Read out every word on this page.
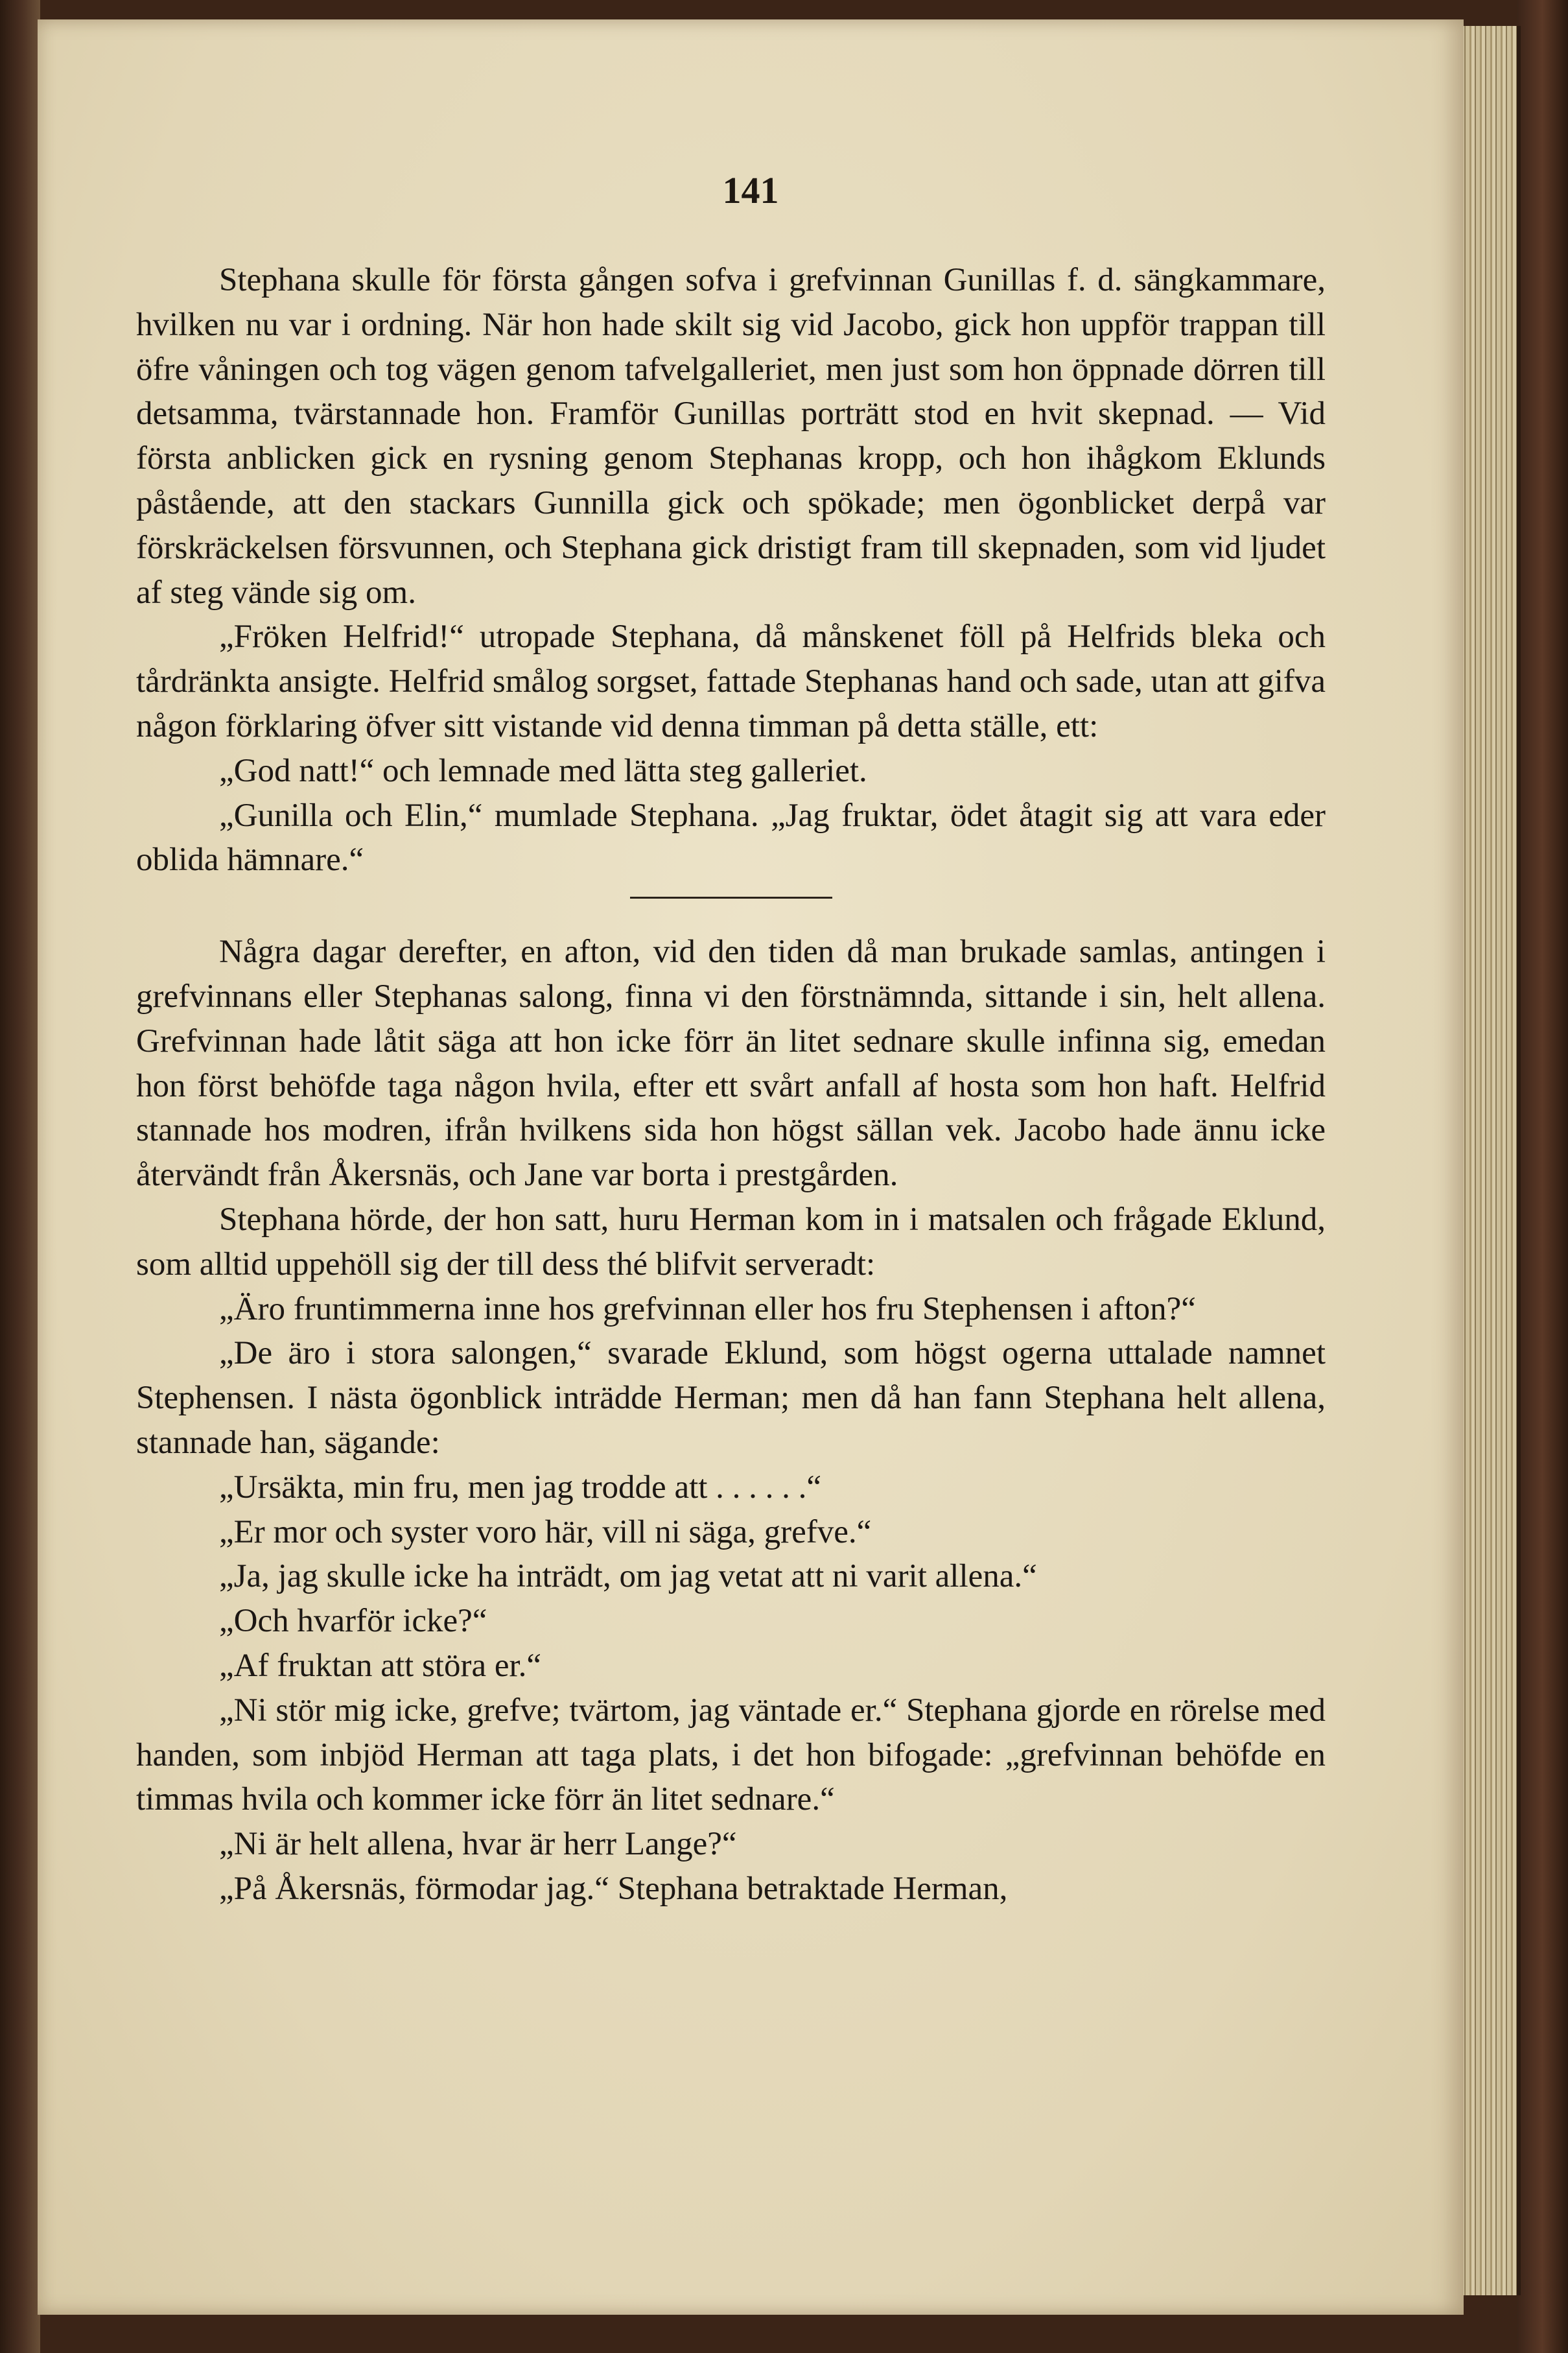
141

Stephana skulle för första gången sofva i grefvinnan Gunillas f. d. sängkammare, hvilken nu var i ordning. När hon hade skilt sig vid Jacobo, gick hon uppför trappan till öfre våningen och tog vägen genom tafvelgalleriet, men just som hon öppnade dörren till detsamma, tvärstannade hon. Framför Gunillas porträtt stod en hvit skepnad. — Vid första anblicken gick en rysning genom Stephanas kropp, och hon ihågkom Eklunds påstående, att den stackars Gunnilla gick och spökade; men ögonblicket derpå var förskräckelsen försvunnen, och Stephana gick dristigt fram till skepnaden, som vid ljudet af steg vände sig om.

„Fröken Helfrid!“ utropade Stephana, då månskenet föll på Helfrids bleka och tårdränkta ansigte. Helfrid smålog sorgset, fattade Stephanas hand och sade, utan att gifva någon förklaring öfver sitt vistande vid denna timman på detta ställe, ett:

„God natt!“ och lemnade med lätta steg galleriet.

„Gunilla och Elin,“ mumlade Stephana. „Jag fruktar, ödet åtagit sig att vara eder oblida hämnare.“

Några dagar derefter, en afton, vid den tiden då man brukade samlas, antingen i grefvinnans eller Stephanas salong, finna vi den förstnämnda, sittande i sin, helt allena. Grefvinnan hade låtit säga att hon icke förr än litet sednare skulle infinna sig, emedan hon först behöfde taga någon hvila, efter ett svårt anfall af hosta som hon haft. Helfrid stannade hos modren, ifrån hvilkens sida hon högst sällan vek. Jacobo hade ännu icke återvändt från Åkersnäs, och Jane var borta i prestgården.

Stephana hörde, der hon satt, huru Herman kom in i matsalen och frågade Eklund, som alltid uppehöll sig der till dess thé blifvit serveradt:

„Äro fruntimmerna inne hos grefvinnan eller hos fru Stephensen i afton?“

„De äro i stora salongen,“ svarade Eklund, som högst ogerna uttalade namnet Stephensen. I nästa ögonblick inträdde Herman; men då han fann Stephana helt allena, stannade han, sägande:

„Ursäkta, min fru, men jag trodde att . . . . . .“

„Er mor och syster voro här, vill ni säga, grefve.“

„Ja, jag skulle icke ha inträdt, om jag vetat att ni varit allena.“

„Och hvarför icke?“

„Af fruktan att störa er.“

„Ni stör mig icke, grefve; tvärtom, jag väntade er.“ Stephana gjorde en rörelse med handen, som inbjöd Herman att taga plats, i det hon bifogade: „grefvinnan behöfde en timmas hvila och kommer icke förr än litet sednare.“

„Ni är helt allena, hvar är herr Lange?“

„På Åkersnäs, förmodar jag.“ Stephana betraktade Herman,
